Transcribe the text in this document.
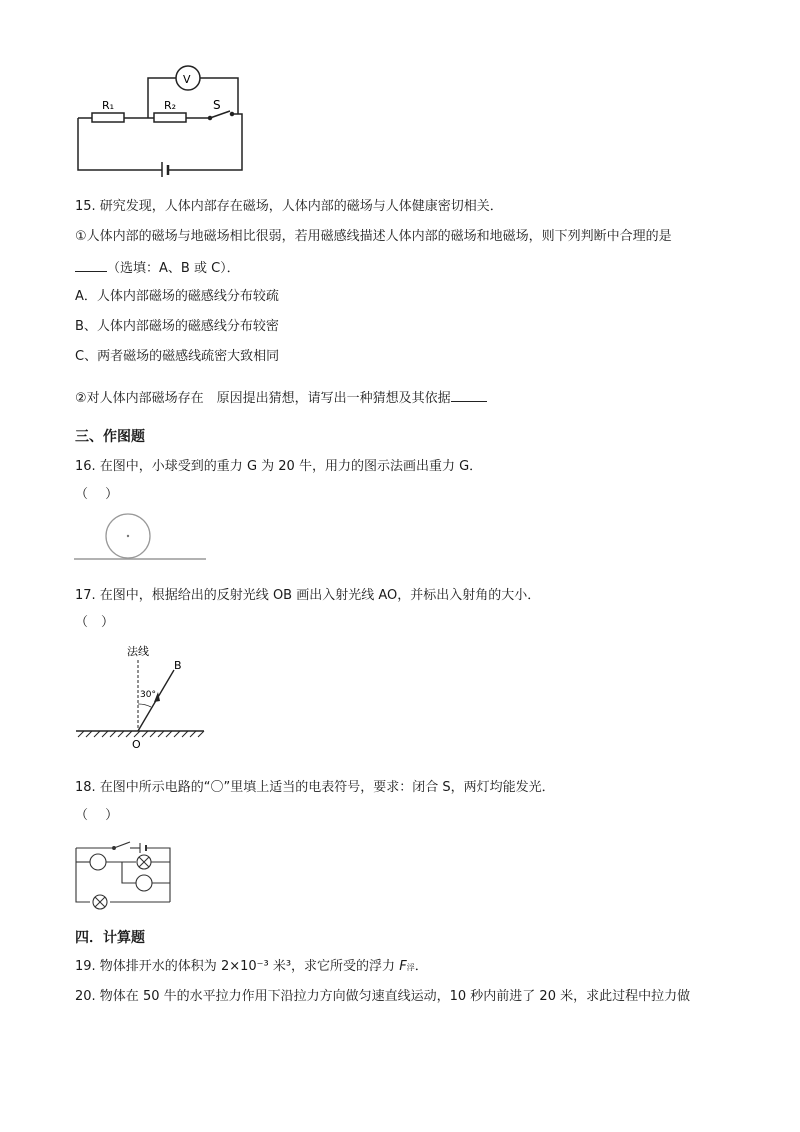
R₁	R₂	S
V
15. 研究发现，人体内部存在磁场，人体内部的磁场与人体健康密切相关．
①人体内部的磁场与地磁场相比很弱，若用磁感线描述人体内部的磁场和地磁场，则下列判断中合理的是
（选填：A、B 或 C）．
A．人体内部磁场的磁感线分布较疏
B、人体内部磁场的磁感线分布较密
C、两者磁场的磁感线疏密大致相同
②对人体内部磁场存在　原因提出猜想，请写出一种猜想及其依据
三、作图题
16. 在图中，小球受到的重力 G 为 20 牛，用力的图示法画出重力 G．
（　 ）
17. 在图中，根据给出的反射光线 OB 画出入射光线 AO，并标出入射角的大小．
（　）
法线
B
30°
O
18. 在图中所示电路的“〇”里填上适当的电表符号，要求：闭合 S，两灯均能发光．
（　 ）
四．计算题
19. 物体排开水的体积为 2×10⁻³ 米³，求它所受的浮力 F浮．
20. 物体在 50 牛的水平拉力作用下沿拉力方向做匀速直线运动，10 秒内前进了 20 米，求此过程中拉力做
